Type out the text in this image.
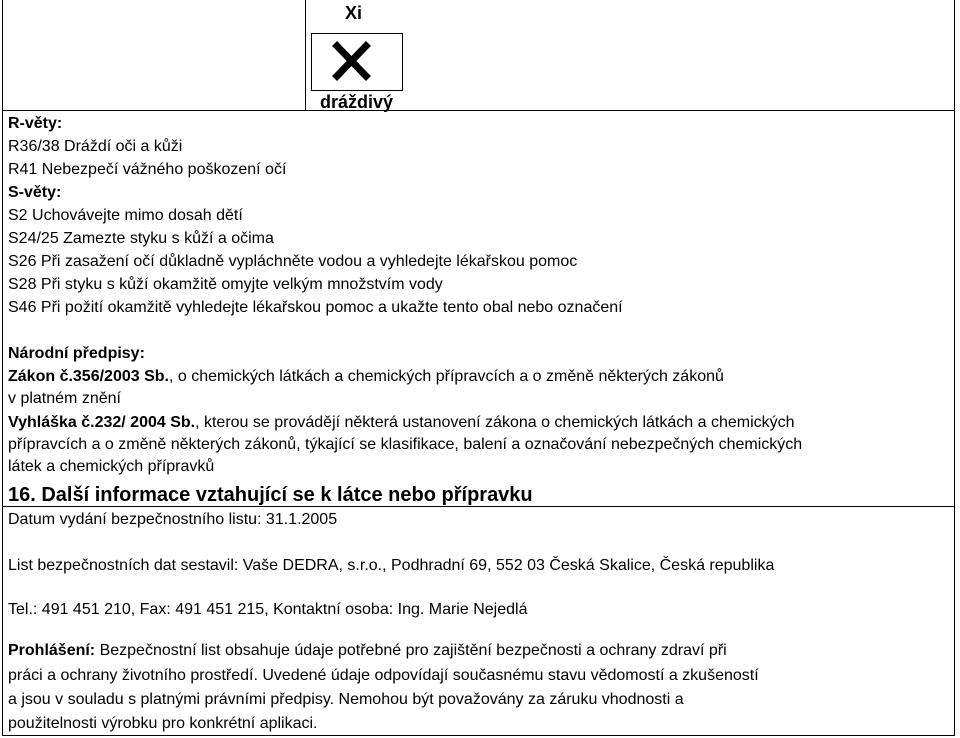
Xi
dráždivý
R-věty:
R36/38 Dráždí oči a kůži
R41 Nebezpečí vážného poškození očí
S-věty:
S2 Uchovávejte mimo dosah dětí
S24/25 Zamezte styku s kůží a očima
S26 Při zasažení očí důkladně vypláchněte vodou a vyhledejte lékařskou pomoc
S28 Při styku s kůží okamžitě omyjte velkým množstvím vody
S46 Při požití okamžitě vyhledejte lékařskou pomoc a ukažte tento obal nebo označení
Národní předpisy:
Zákon č.356/2003 Sb., o chemických látkách a chemických přípravcích a o změně některých zákonů
v platném znění
Vyhláška č.232/ 2004 Sb., kterou se provádějí některá ustanovení zákona o chemických látkách a chemických
přípravcích a o změně některých zákonů, týkající se klasifikace, balení a označování nebezpečných chemických
látek a chemických přípravků
16. Další informace vztahující se k látce nebo přípravku
Datum vydání bezpečnostního listu: 31.1.2005
List bezpečnostních dat sestavil: Vaše DEDRA, s.r.o., Podhradní 69, 552 03 Česká Skalice, Česká republika
Tel.: 491 451 210, Fax: 491 451 215, Kontaktní osoba: Ing. Marie Nejedlá
Prohlášení: Bezpečnostní list obsahuje údaje potřebné pro zajištění bezpečnosti a ochrany zdraví při
práci a ochrany životního prostředí. Uvedené údaje odpovídají současnému stavu vědomostí a zkušeností
a jsou v souladu s platnými právními předpisy. Nemohou být považovány za záruku vhodnosti a
použitelnosti výrobku pro konkrétní aplikaci.
